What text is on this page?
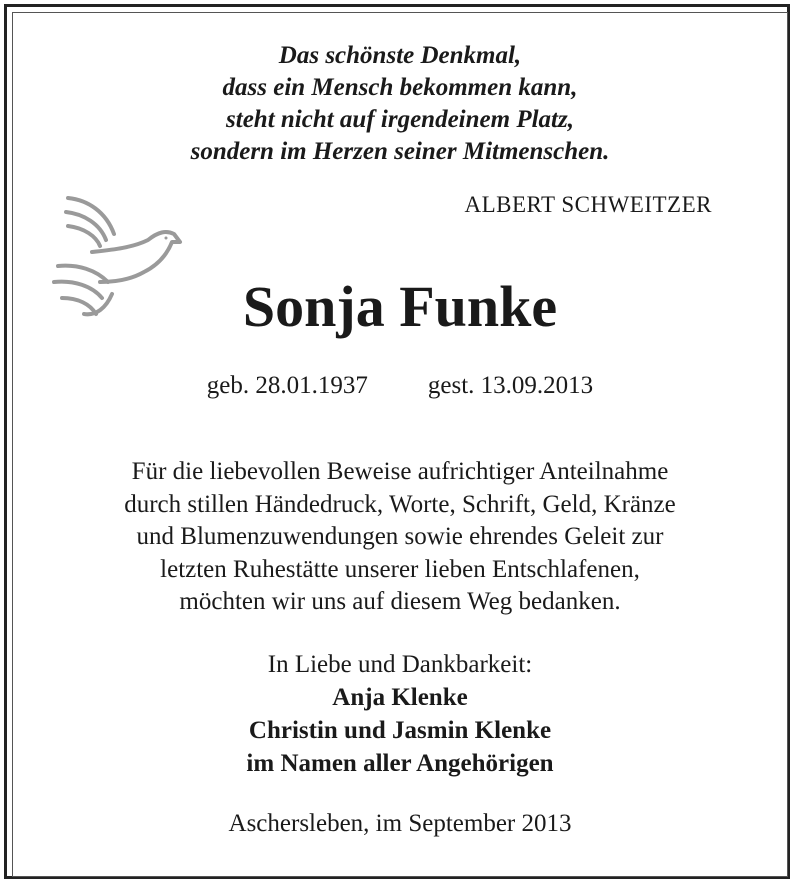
Das schönste Denkmal,
dass ein Mensch bekommen kann,
steht nicht auf irgendeinem Platz,
sondern im Herzen seiner Mitmenschen.
ALBERT SCHWEITZER
Sonja Funke
geb. 28.01.1937 gest. 13.09.2013
Für die liebevollen Beweise aufrichtiger Anteilnahme
durch stillen Händedruck, Worte, Schrift, Geld, Kränze
und Blumenzuwendungen sowie ehrendes Geleit zur
letzten Ruhestätte unserer lieben Entschlafenen,
möchten wir uns auf diesem Weg bedanken.
In Liebe und Dankbarkeit:
Anja Klenke
Christin und Jasmin Klenke
im Namen aller Angehörigen
Aschersleben, im September 2013
